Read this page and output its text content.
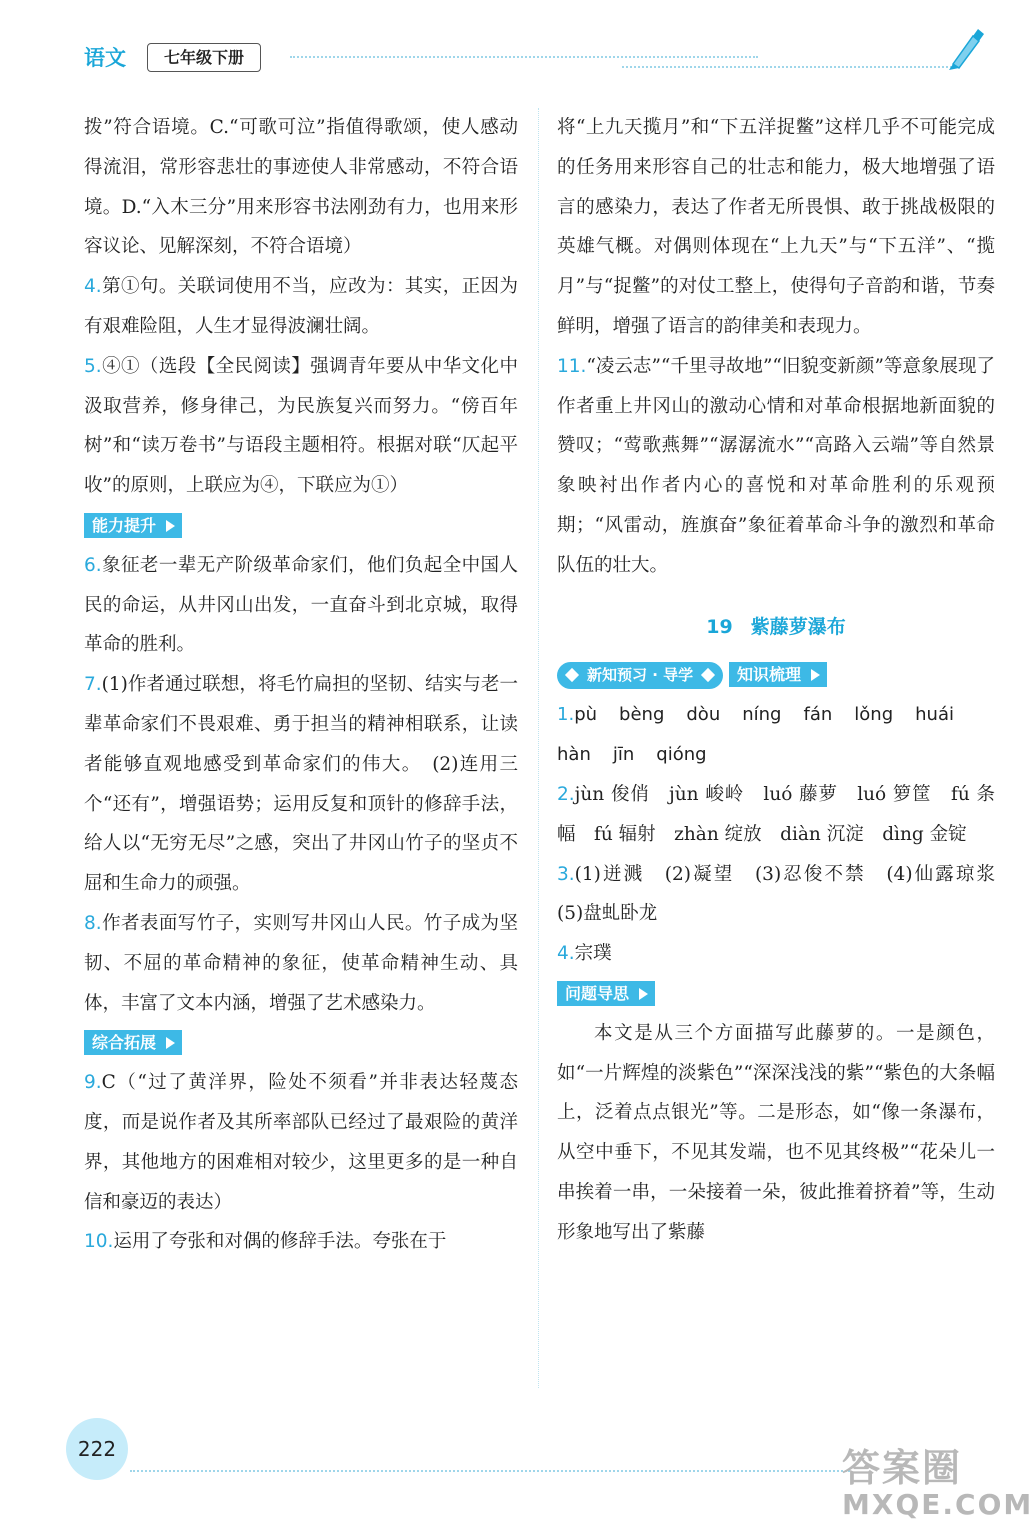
语文	七年级下册

拨”符合语境。C.“可歌可泣”指值得歌颂，使人感动得流泪，常形容悲壮的事迹使人非常感动，不符合语境。D.“入木三分”用来形容书法刚劲有力，也用来形容议论、见解深刻，不符合语境）

4.第①句。关联词使用不当，应改为：其实，正因为有艰难险阻，人生才显得波澜壮阔。

5.④①（选段【全民阅读】强调青年要从中华文化中汲取营养，修身律己，为民族复兴而努力。“傍百年树”和“读万卷书”与语段主题相符。根据对联“仄起平收”的原则，上联应为④，下联应为①）

能力提升

6.象征老一辈无产阶级革命家们，他们负起全中国人民的命运，从井冈山出发，一直奋斗到北京城，取得革命的胜利。

7.(1)作者通过联想，将毛竹扁担的坚韧、结实与老一辈革命家们不畏艰难、勇于担当的精神相联系，让读者能够直观地感受到革命家们的伟大。　(2)连用三个“还有”，增强语势；运用反复和顶针的修辞手法，给人以“无穷无尽”之感，突出了井冈山竹子的坚贞不屈和生命力的顽强。

8.作者表面写竹子，实则写井冈山人民。竹子成为坚韧、不屈的革命精神的象征，使革命精神生动、具体，丰富了文本内涵，增强了艺术感染力。

综合拓展

9.C（“过了黄洋界，险处不须看”并非表达轻蔑态度，而是说作者及其所率部队已经过了最艰险的黄洋界，其他地方的困难相对较少，这里更多的是一种自信和豪迈的表达）

10.运用了夸张和对偶的修辞手法。夸张在于

将“上九天揽月”和“下五洋捉鳖”这样几乎不可能完成的任务用来形容自己的壮志和能力，极大地增强了语言的感染力，表达了作者无所畏惧、敢于挑战极限的英雄气概。对偶则体现在“上九天”与“下五洋”、“揽月”与“捉鳖”的对仗工整上，使得句子音韵和谐，节奏鲜明，增强了语言的韵律美和表现力。

11.“凌云志”“千里寻故地”“旧貌变新颜”等意象展现了作者重上井冈山的激动心情和对革命根据地新面貌的赞叹；“莺歌燕舞”“潺潺流水”“高路入云端”等自然景象映衬出作者内心的喜悦和对革命胜利的乐观预期；“风雷动，旌旗奋”象征着革命斗争的激烈和革命队伍的壮大。

19 紫藤萝瀑布
新知预习 · 导学	知识梳理

1.pù bèng dòu níng fán lǒng huái
hàn jīn qióng

2.jùn 俊俏　jùn 峻岭　luó 藤萝　luó 箩筐　fú 条幅　fú 辐射　zhàn 绽放　diàn 沉淀　dìng 金锭

3.(1)迸溅　(2)凝望　(3)忍俊不禁　(4)仙露琼浆　(5)盘虬卧龙

4.宗璞

问题导思

本文是从三个方面描写此藤萝的。一是颜色，如“一片辉煌的淡紫色”“深深浅浅的紫”“紫色的大条幅上，泛着点点银光”等。二是形态，如“像一条瀑布，从空中垂下，不见其发端，也不见其终极”“花朵儿一串挨着一串，一朵接着一朵，彼此推着挤着”等，生动形象地写出了紫藤

222	答案圈
MXQE.COM
